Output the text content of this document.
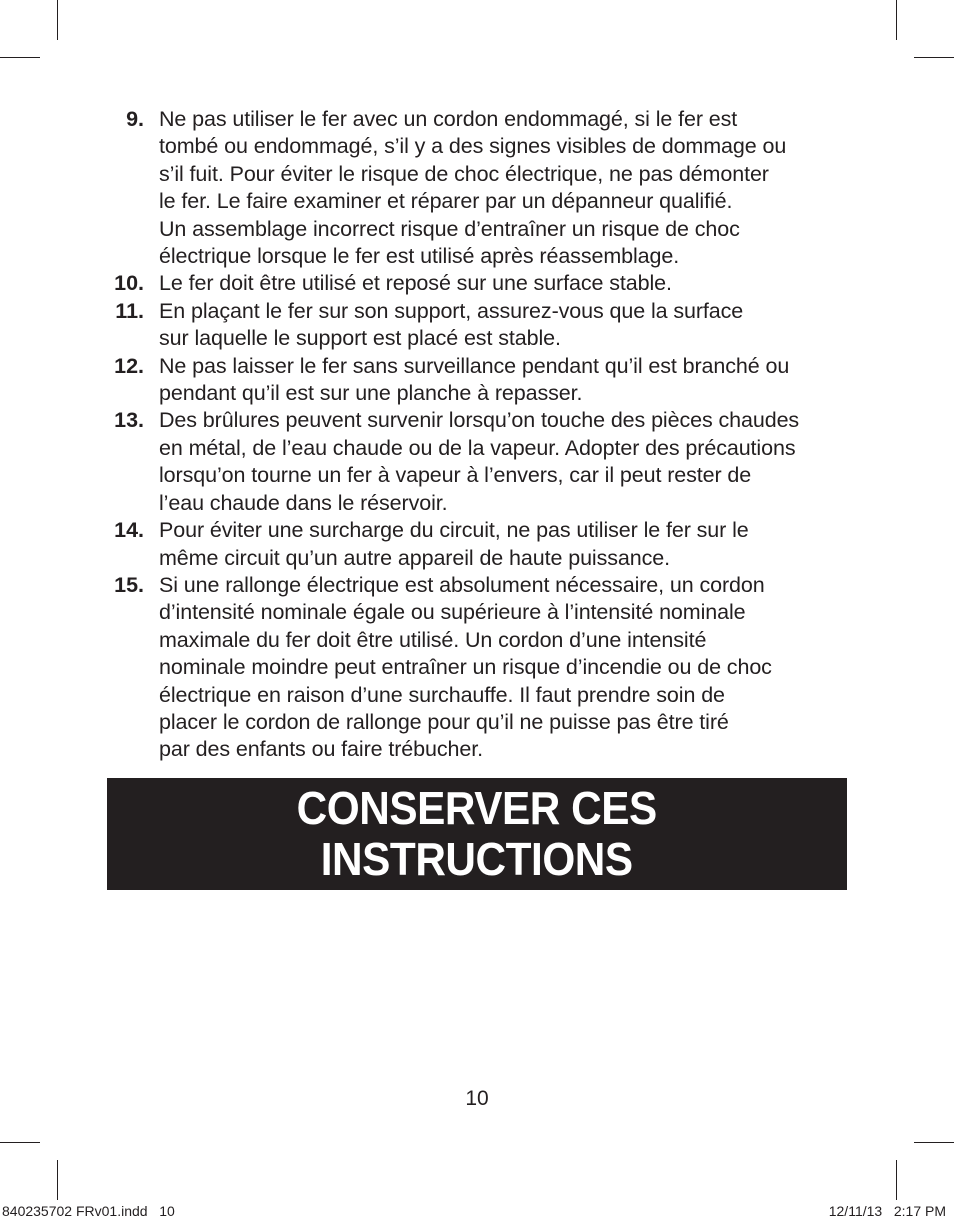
9. Ne pas utiliser le fer avec un cordon endommagé, si le fer est
tombé ou endommagé, s’il y a des signes visibles de dommage ou
s’il fuit. Pour éviter le risque de choc électrique, ne pas démonter
le fer. Le faire examiner et réparer par un dépanneur qualifié.
Un assemblage incorrect risque d’entraîner un risque de choc
électrique lorsque le fer est utilisé après réassemblage.
10. Le fer doit être utilisé et reposé sur une surface stable.
11. En plaçant le fer sur son support, assurez-vous que la surface
sur laquelle le support est placé est stable.
12. Ne pas laisser le fer sans surveillance pendant qu’il est branché ou
pendant qu’il est sur une planche à repasser.
13. Des brûlures peuvent survenir lorsqu’on touche des pièces chaudes
en métal, de l’eau chaude ou de la vapeur. Adopter des précautions
lorsqu’on tourne un fer à vapeur à l’envers, car il peut rester de
l’eau chaude dans le réservoir.
14. Pour éviter une surcharge du circuit, ne pas utiliser le fer sur le
même circuit qu’un autre appareil de haute puissance.
15. Si une rallonge électrique est absolument nécessaire, un cordon
d’intensité nominale égale ou supérieure à l’intensité nominale
maximale du fer doit être utilisé. Un cordon d’une intensité
nominale moindre peut entraîner un risque d’incendie ou de choc
électrique en raison d’une surchauffe. Il faut prendre soin de
placer le cordon de rallonge pour qu’il ne puisse pas être tiré
par des enfants ou faire trébucher.
CONSERVER CES
INSTRUCTIONS
10
840235702 FRv01.indd   10	12/11/13   2:17 PM
